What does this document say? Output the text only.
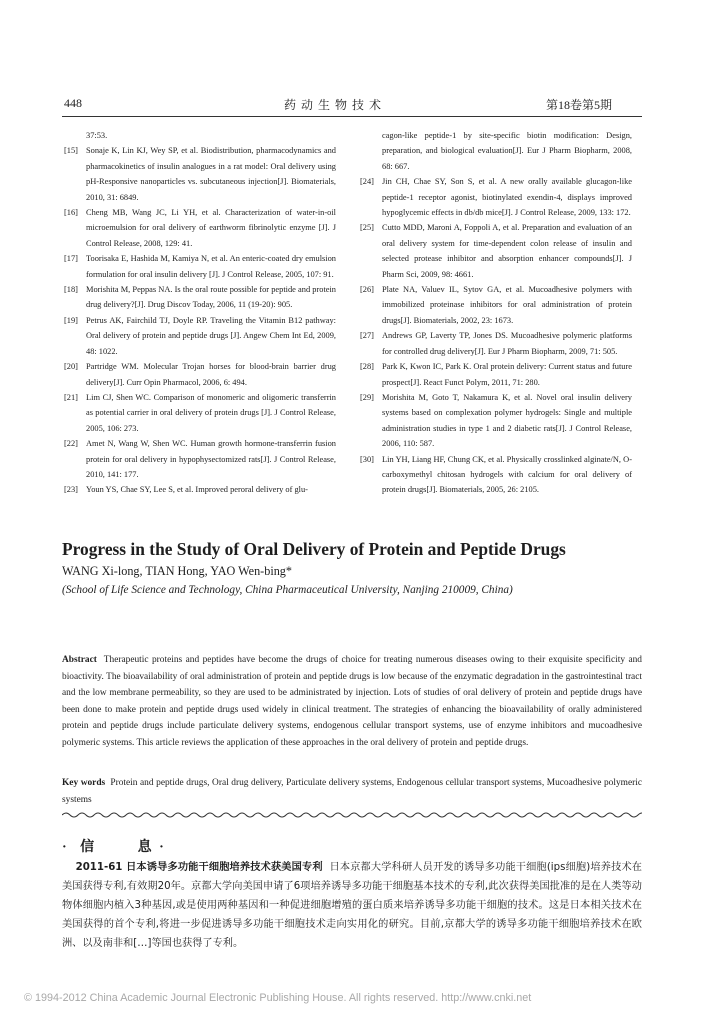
448	药 动 生 物 技 术	第18卷第5期
37:53.
[15] Sonaje K, Lin KJ, Wey SP, et al. Biodistribution, pharmacodynamics and pharmacokinetics of insulin analogues in a rat model: Oral delivery using pH-Responsive nanoparticles vs. subcutaneous injection[J]. Biomaterials, 2010, 31: 6849.
[16] Cheng MB, Wang JC, Li YH, et al. Characterization of water-in-oil microemulsion for oral delivery of earthworm fibrinolytic enzyme [J]. J Control Release, 2008, 129: 41.
[17] Toorisaka E, Hashida M, Kamiya N, et al. An enteric-coated dry emulsion formulation for oral insulin delivery [J]. J Control Release, 2005, 107: 91.
[18] Morishita M, Peppas NA. Is the oral route possible for peptide and protein drug delivery?[J]. Drug Discov Today, 2006, 11 (19-20): 905.
[19] Petrus AK, Fairchild TJ, Doyle RP. Traveling the Vitamin B12 pathway: Oral delivery of protein and peptide drugs [J]. Angew Chem Int Ed, 2009, 48: 1022.
[20] Partridge WM. Molecular Trojan horses for blood-brain barrier drug delivery[J]. Curr Opin Pharmacol, 2006, 6: 494.
[21] Lim CJ, Shen WC. Comparison of monomeric and oligomeric transferrin as potential carrier in oral delivery of protein drugs [J]. J Control Release, 2005, 106: 273.
[22] Amet N, Wang W, Shen WC. Human growth hormone-transferrin fusion protein for oral delivery in hypophysectomized rats[J]. J Control Release, 2010, 141: 177.
[23] Youn YS, Chae SY, Lee S, et al. Improved peroral delivery of glu-
cagon-like peptide-1 by site-specific biotin modification: Design, preparation, and biological evaluation[J]. Eur J Pharm Biopharm, 2008, 68: 667.
[24] Jin CH, Chae SY, Son S, et al. A new orally available glucagon-like peptide-1 receptor agonist, biotinylated exendin-4, displays improved hypoglycemic effects in db/db mice[J]. J Control Release, 2009, 133: 172.
[25] Cutto MDD, Maroni A, Foppoli A, et al. Preparation and evaluation of an oral delivery system for time-dependent colon release of insulin and selected protease inhibitor and absorption enhancer compounds[J]. J Pharm Sci, 2009, 98: 4661.
[26] Plate NA, Valuev IL, Sytov GA, et al. Mucoadhesive polymers with immobilized proteinase inhibitors for oral administration of protein drugs[J]. Biomaterials, 2002, 23: 1673.
[27] Andrews GP, Laverty TP, Jones DS. Mucoadhesive polymeric platforms for controlled drug delivery[J]. Eur J Pharm Biopharm, 2009, 71: 505.
[28] Park K, Kwon IC, Park K. Oral protein delivery: Current status and future prospect[J]. React Funct Polym, 2011, 71: 280.
[29] Morishita M, Goto T, Nakamura K, et al. Novel oral insulin delivery systems based on complexation polymer hydrogels: Single and multiple administration studies in type 1 and 2 diabetic rats[J]. J Control Release, 2006, 110: 587.
[30] Lin YH, Liang HF, Chung CK, et al. Physically crosslinked alginate/N, O-carboxymethyl chitosan hydrogels with calcium for oral delivery of protein drugs[J]. Biomaterials, 2005, 26: 2105.
Progress in the Study of Oral Delivery of Protein and Peptide Drugs
WANG Xi-long, TIAN Hong, YAO Wen-bing*
(School of Life Science and Technology, China Pharmaceutical University, Nanjing 210009, China)
Abstract Therapeutic proteins and peptides have become the drugs of choice for treating numerous diseases owing to their exquisite specificity and bioactivity. The bioavailability of oral administration of protein and peptide drugs is low because of the enzymatic degradation in the gastrointestinal tract and the low membrane permeability, so they are used to be administrated by injection. Lots of studies of oral delivery of protein and peptide drugs have been done to make protein and peptide drugs used widely in clinical treatment. The strategies of enhancing the bioavailability of orally administered protein and peptide drugs include particulate delivery systems, endogenous cellular transport systems, use of enzyme inhibitors and mucoadhesive polymeric systems. This article reviews the application of these approaches in the oral delivery of protein and peptide drugs.
Key words Protein and peptide drugs, Oral drug delivery, Particulate delivery systems, Endogenous cellular transport systems, Mucoadhesive polymeric systems
· 信	息 ·
2011-61 日本诱导多功能干细胞培养技术获美国专利 日本京都大学科研人员开发的诱导多功能干细胞(ips细胞)培养技术在美国获得专利,有效期20年。京都大学向美国申请了6项培养诱导多功能干细胞基本技术的专利,此次获得美国批准的是在人类等动物体细胞内植入3种基因,或是使用两种基因和一种促进细胞增殖的蛋白质来培养诱导多功能干细胞的技术。这是日本相关技术在美国获得的首个专利,将进一步促进诱导多功能干细胞技术走向实用化的研究。目前,京都大学的诱导多功能干细胞培养技术在欧洲、以及南非和[…]等国也获得了专利。
© 1994-2012 China Academic Journal Electronic Publishing House. All rights reserved. http://www.cnki.net
